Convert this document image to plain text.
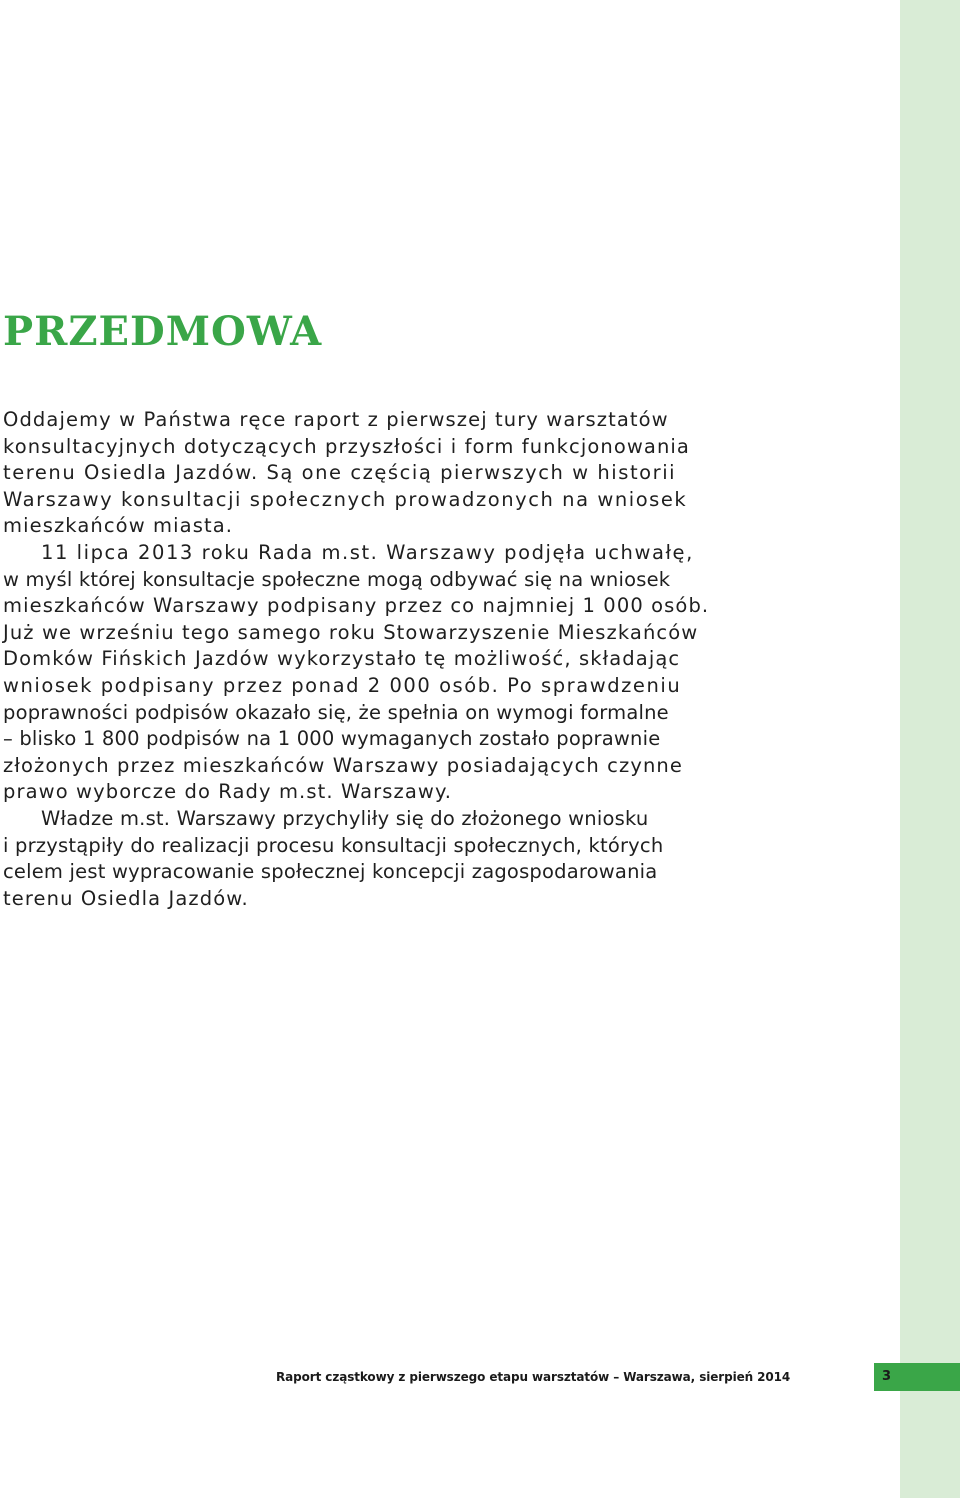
PRZEDMOWA
Oddajemy w Państwa ręce raport z pierwszej tury warsztatów
konsultacyjnych dotyczących przyszłości i form funkcjonowania
terenu Osiedla Jazdów. Są one częścią pierwszych w historii
Warszawy konsultacji społecznych prowadzonych na wniosek
mieszkańców miasta.
11 lipca 2013 roku Rada m.st. Warszawy podjęła uchwałę,
w myśl której konsultacje społeczne mogą odbywać się na wniosek
mieszkańców Warszawy podpisany przez co najmniej 1 000 osób.
Już we wrześniu tego samego roku Stowarzyszenie Mieszkańców
Domków Fińskich Jazdów wykorzystało tę możliwość, składając
wniosek podpisany przez ponad 2 000 osób. Po sprawdzeniu
poprawności podpisów okazało się, że spełnia on wymogi formalne
– blisko 1 800 podpisów na 1 000 wymaganych zostało poprawnie
złożonych przez mieszkańców Warszawy posiadających czynne
prawo wyborcze do Rady m.st. Warszawy.
Władze m.st. Warszawy przychyliły się do złożonego wniosku
i przystąpiły do realizacji procesu konsultacji społecznych, których
celem jest wypracowanie społecznej koncepcji zagospodarowania
terenu Osiedla Jazdów.
Raport cząstkowy z pierwszego etapu warsztatów – Warszawa, sierpień 2014	3
